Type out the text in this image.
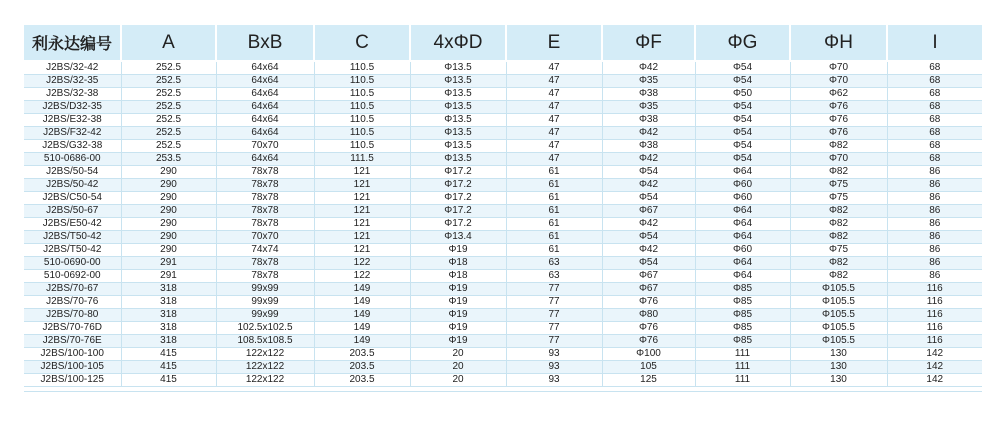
利永达编号	A	BxB	C	4xΦD	E	ΦF	ΦG	ΦH	I
J2BS/32-42	252.5	64x64	110.5	Φ13.5	47	Φ42	Φ54	Φ70	68
J2BS/32-35	252.5	64x64	110.5	Φ13.5	47	Φ35	Φ54	Φ70	68
J2BS/32-38	252.5	64x64	110.5	Φ13.5	47	Φ38	Φ50	Φ62	68
J2BS/D32-35	252.5	64x64	110.5	Φ13.5	47	Φ35	Φ54	Φ76	68
J2BS/E32-38	252.5	64x64	110.5	Φ13.5	47	Φ38	Φ54	Φ76	68
J2BS/F32-42	252.5	64x64	110.5	Φ13.5	47	Φ42	Φ54	Φ76	68
J2BS/G32-38	252.5	70x70	110.5	Φ13.5	47	Φ38	Φ54	Φ82	68
510-0686-00	253.5	64x64	111.5	Φ13.5	47	Φ42	Φ54	Φ70	68
J2BS/50-54	290	78x78	121	Φ17.2	61	Φ54	Φ64	Φ82	86
J2BS/50-42	290	78x78	121	Φ17.2	61	Φ42	Φ60	Φ75	86
J2BS/C50-54	290	78x78	121	Φ17.2	61	Φ54	Φ60	Φ75	86
J2BS/50-67	290	78x78	121	Φ17.2	61	Φ67	Φ64	Φ82	86
J2BS/E50-42	290	78x78	121	Φ17.2	61	Φ42	Φ64	Φ82	86
J2BS/T50-42	290	70x70	121	Φ13.4	61	Φ54	Φ64	Φ82	86
J2BS/T50-42	290	74x74	121	Φ19	61	Φ42	Φ60	Φ75	86
510-0690-00	291	78x78	122	Φ18	63	Φ54	Φ64	Φ82	86
510-0692-00	291	78x78	122	Φ18	63	Φ67	Φ64	Φ82	86
J2BS/70-67	318	99x99	149	Φ19	77	Φ67	Φ85	Φ105.5	116
J2BS/70-76	318	99x99	149	Φ19	77	Φ76	Φ85	Φ105.5	116
J2BS/70-80	318	99x99	149	Φ19	77	Φ80	Φ85	Φ105.5	116
J2BS/70-76D	318	102.5x102.5	149	Φ19	77	Φ76	Φ85	Φ105.5	116
J2BS/70-76E	318	108.5x108.5	149	Φ19	77	Φ76	Φ85	Φ105.5	116
J2BS/100-100	415	122x122	203.5	20	93	Φ100	111	130	142
J2BS/100-105	415	122x122	203.5	20	93	105	111	130	142
J2BS/100-125	415	122x122	203.5	20	93	125	111	130	142
